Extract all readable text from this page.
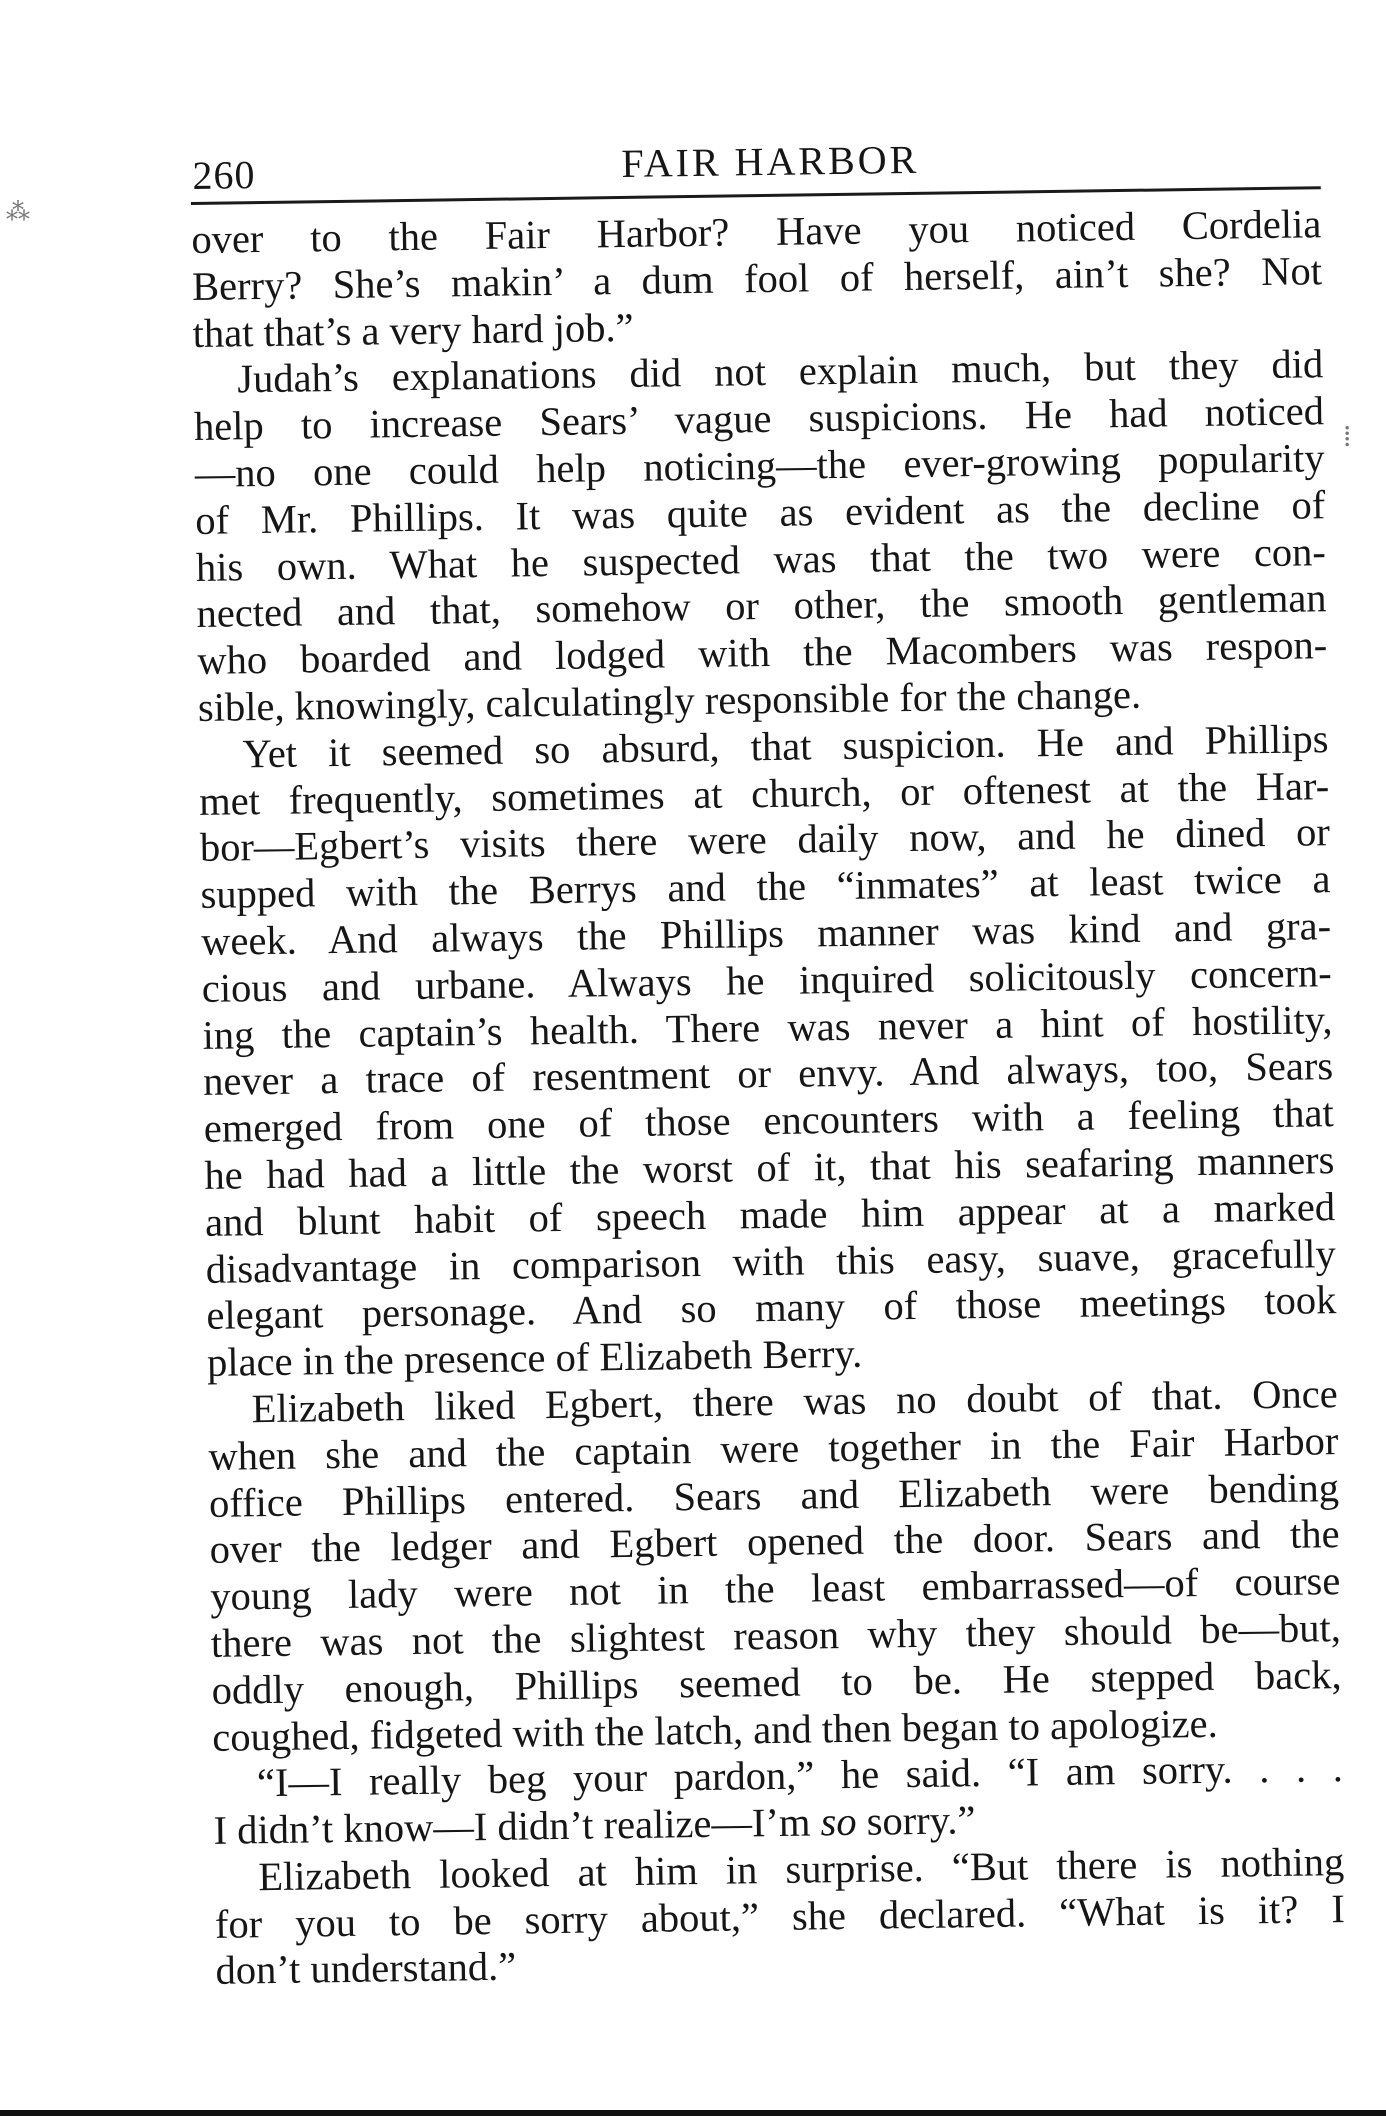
⁂
⁞
260	FAIR HARBOR
over to the Fair Harbor? Have you noticed Cordelia
Berry? She’s makin’ a dum fool of herself, ain’t she? Not
that that’s a very hard job.”
Judah’s explanations did not explain much, but they did
help to increase Sears’ vague suspicions. He had noticed
—no one could help noticing—the ever-growing popularity
of Mr. Phillips. It was quite as evident as the decline of
his own. What he suspected was that the two were con-
nected and that, somehow or other, the smooth gentleman
who boarded and lodged with the Macombers was respon-
sible, knowingly, calculatingly responsible for the change.
Yet it seemed so absurd, that suspicion. He and Phillips
met frequently, sometimes at church, or oftenest at the Har-
bor—Egbert’s visits there were daily now, and he dined or
supped with the Berrys and the “inmates” at least twice a
week. And always the Phillips manner was kind and gra-
cious and urbane. Always he inquired solicitously concern-
ing the captain’s health. There was never a hint of hostility,
never a trace of resentment or envy. And always, too, Sears
emerged from one of those encounters with a feeling that
he had had a little the worst of it, that his seafaring manners
and blunt habit of speech made him appear at a marked
disadvantage in comparison with this easy, suave, gracefully
elegant personage. And so many of those meetings took
place in the presence of Elizabeth Berry.
Elizabeth liked Egbert, there was no doubt of that. Once
when she and the captain were together in the Fair Harbor
office Phillips entered. Sears and Elizabeth were bending
over the ledger and Egbert opened the door. Sears and the
young lady were not in the least embarrassed—of course
there was not the slightest reason why they should be—but,
oddly enough, Phillips seemed to be. He stepped back,
coughed, fidgeted with the latch, and then began to apologize.
“I—I really beg your pardon,” he said. “I am sorry. . . .
I didn’t know—I didn’t realize—I’m so sorry.”
Elizabeth looked at him in surprise. “But there is nothing
for you to be sorry about,” she declared. “What is it? I
don’t understand.”
